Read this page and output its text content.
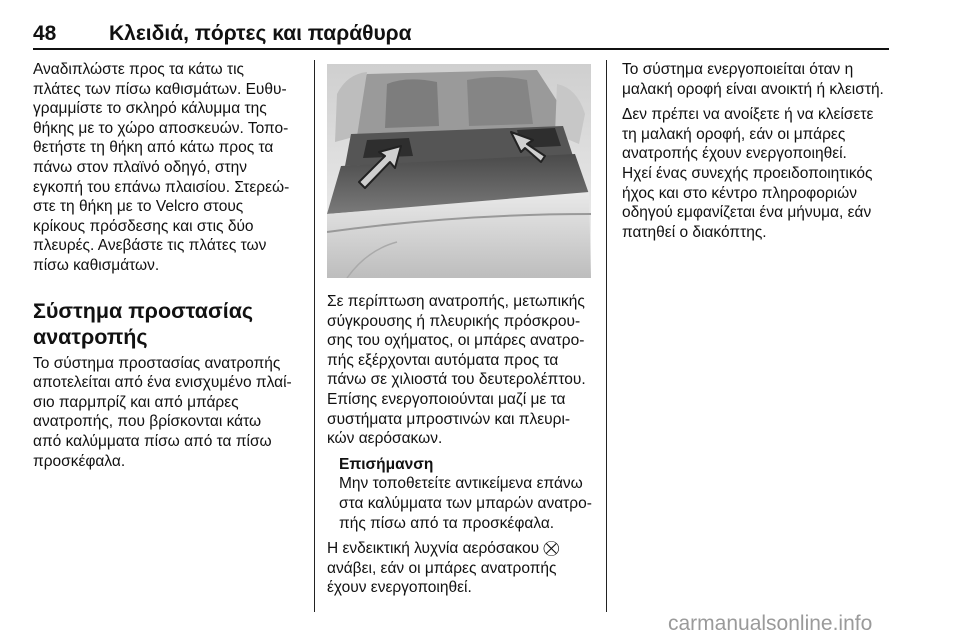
48	Κλειδιά, πόρτες και παράθυρα

Αναδιπλώστε προς τα κάτω τις
πλάτες των πίσω καθισμάτων. Ευθυ-
γραμμίστε το σκληρό κάλυμμα της
θήκης με το χώρο αποσκευών. Τοπο-
θετήστε τη θήκη από κάτω προς τα
πάνω στον πλαϊνό οδηγό, στην
εγκοπή του επάνω πλαισίου. Στερεώ-
στε τη θήκη με το Velcro στους
κρίκους πρόσδεσης και στις δύο
πλευρές. Ανεβάστε τις πλάτες των
πίσω καθισμάτων.

Σύστημα προστασίας
ανατροπής

Το σύστημα προστασίας ανατροπής
αποτελείται από ένα ενισχυμένο πλαί-
σιο παρμπρίζ και από μπάρες
ανατροπής, που βρίσκονται κάτω
από καλύμματα πίσω από τα πίσω
προσκέφαλα.

Σε περίπτωση ανατροπής, μετωπικής
σύγκρουσης ή πλευρικής πρόσκρου-
σης του οχήματος, οι μπάρες ανατρο-
πής εξέρχονται αυτόματα προς τα
πάνω σε χιλιοστά του δευτερολέπτου.
Επίσης ενεργοποιούνται μαζί με τα
συστήματα μπροστινών και πλευρι-
κών αερόσακων.

Επισήμανση
Μην τοποθετείτε αντικείμενα επάνω
στα καλύμματα των μπαρών ανατρο-
πής πίσω από τα προσκέφαλα.

Η ενδεικτική λυχνία αερόσακου ⛒
ανάβει, εάν οι μπάρες ανατροπής
έχουν ενεργοποιηθεί.

Το σύστημα ενεργοποιείται όταν η
μαλακή οροφή είναι ανοικτή ή κλειστή.

Δεν πρέπει να ανοίξετε ή να κλείσετε
τη μαλακή οροφή, εάν οι μπάρες
ανατροπής έχουν ενεργοποιηθεί.
Ηχεί ένας συνεχής προειδοποιητικός
ήχος και στο κέντρο πληροφοριών
οδηγού εμφανίζεται ένα μήνυμα, εάν
πατηθεί ο διακόπτης.

carmanualsonline.info
